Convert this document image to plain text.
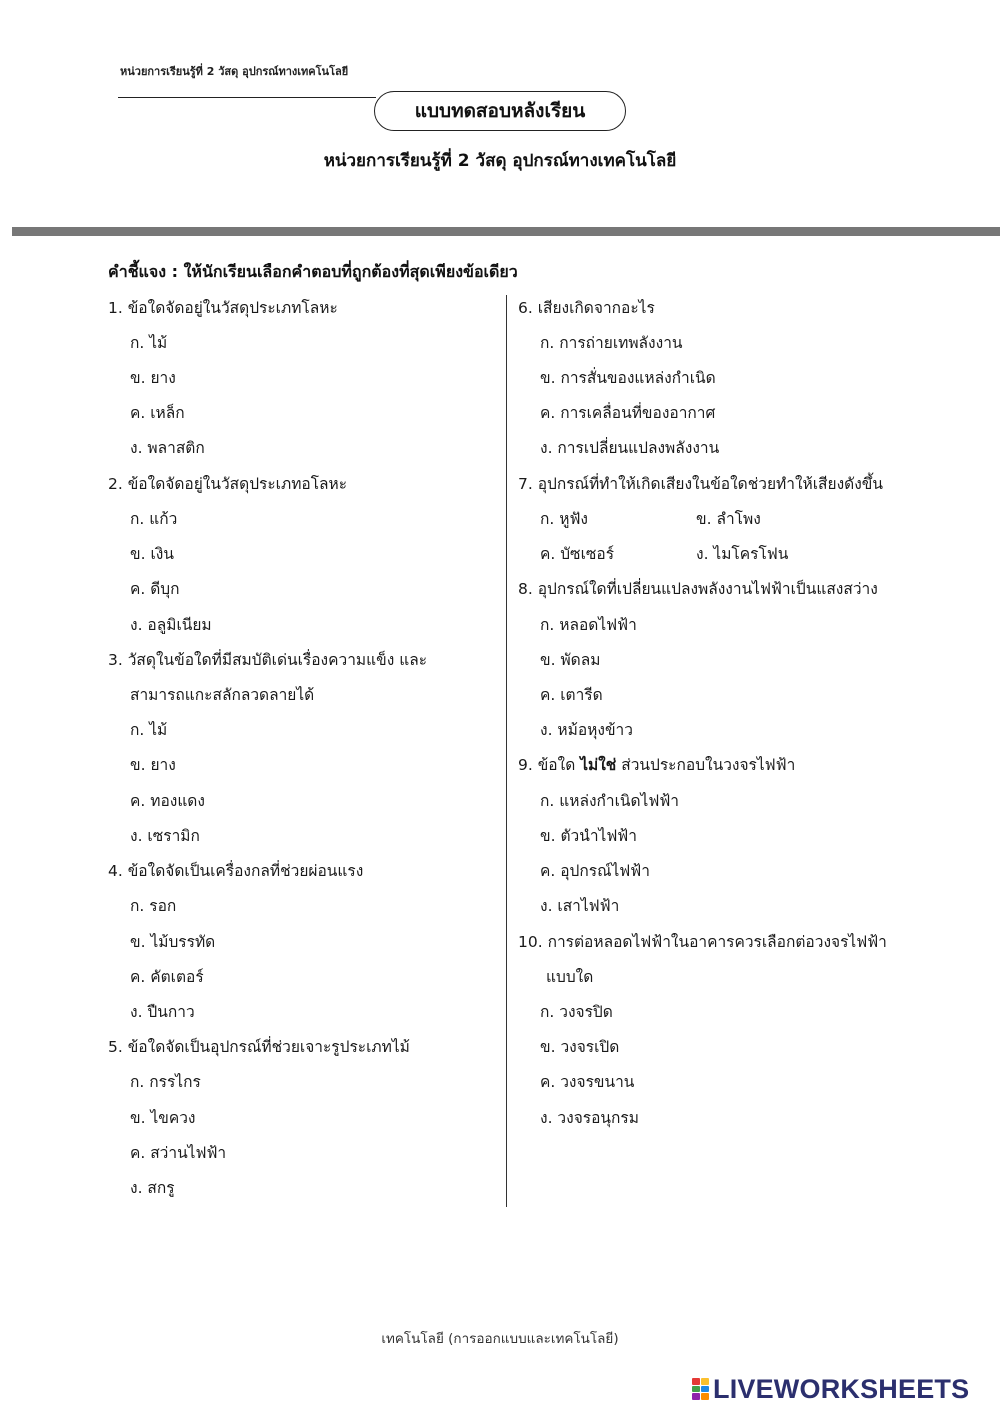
หน่วยการเรียนรู้ที่ 2 วัสดุ อุปกรณ์ทางเทคโนโลยี
แบบทดสอบหลังเรียน
หน่วยการเรียนรู้ที่ 2 วัสดุ อุปกรณ์ทางเทคโนโลยี
คำชี้แจง : ให้นักเรียนเลือกคำตอบที่ถูกต้องที่สุดเพียงข้อเดียว
1. ข้อใดจัดอยู่ในวัสดุประเภทโลหะ
ก. ไม้
ข. ยาง
ค. เหล็ก
ง. พลาสติก
2. ข้อใดจัดอยู่ในวัสดุประเภทอโลหะ
ก. แก้ว
ข. เงิน
ค. ดีบุก
ง. อลูมิเนียม
3. วัสดุในข้อใดที่มีสมบัติเด่นเรื่องความแข็ง และ
สามารถแกะสลักลวดลายได้
ก. ไม้
ข. ยาง
ค. ทองแดง
ง. เซรามิก
4. ข้อใดจัดเป็นเครื่องกลที่ช่วยผ่อนแรง
ก. รอก
ข. ไม้บรรทัด
ค. คัตเตอร์
ง. ปืนกาว
5. ข้อใดจัดเป็นอุปกรณ์ที่ช่วยเจาะรูประเภทไม้
ก. กรรไกร
ข. ไขควง
ค. สว่านไฟฟ้า
ง. สกรู
6. เสียงเกิดจากอะไร
ก. การถ่ายเทพลังงาน
ข. การสั่นของแหล่งกำเนิด
ค. การเคลื่อนที่ของอากาศ
ง. การเปลี่ยนแปลงพลังงาน
7. อุปกรณ์ที่ทำให้เกิดเสียงในข้อใดช่วยทำให้เสียงดังขึ้น
ก. หูฟัง	ข. ลำโพง
ค. บัซเซอร์	ง. ไมโครโฟน
8. อุปกรณ์ใดที่เปลี่ยนแปลงพลังงานไฟฟ้าเป็นแสงสว่าง
ก. หลอดไฟฟ้า
ข. พัดลม
ค. เตารีด
ง. หม้อหุงข้าว
9. ข้อใด ไม่ใช่ ส่วนประกอบในวงจรไฟฟ้า
ก. แหล่งกำเนิดไฟฟ้า
ข. ตัวนำไฟฟ้า
ค. อุปกรณ์ไฟฟ้า
ง. เสาไฟฟ้า
10. การต่อหลอดไฟฟ้าในอาคารควรเลือกต่อวงจรไฟฟ้า
แบบใด
ก. วงจรปิด
ข. วงจรเปิด
ค. วงจรขนาน
ง. วงจรอนุกรม
เทคโนโลยี (การออกแบบและเทคโนโลยี)
LIVEWORKSHEETS
